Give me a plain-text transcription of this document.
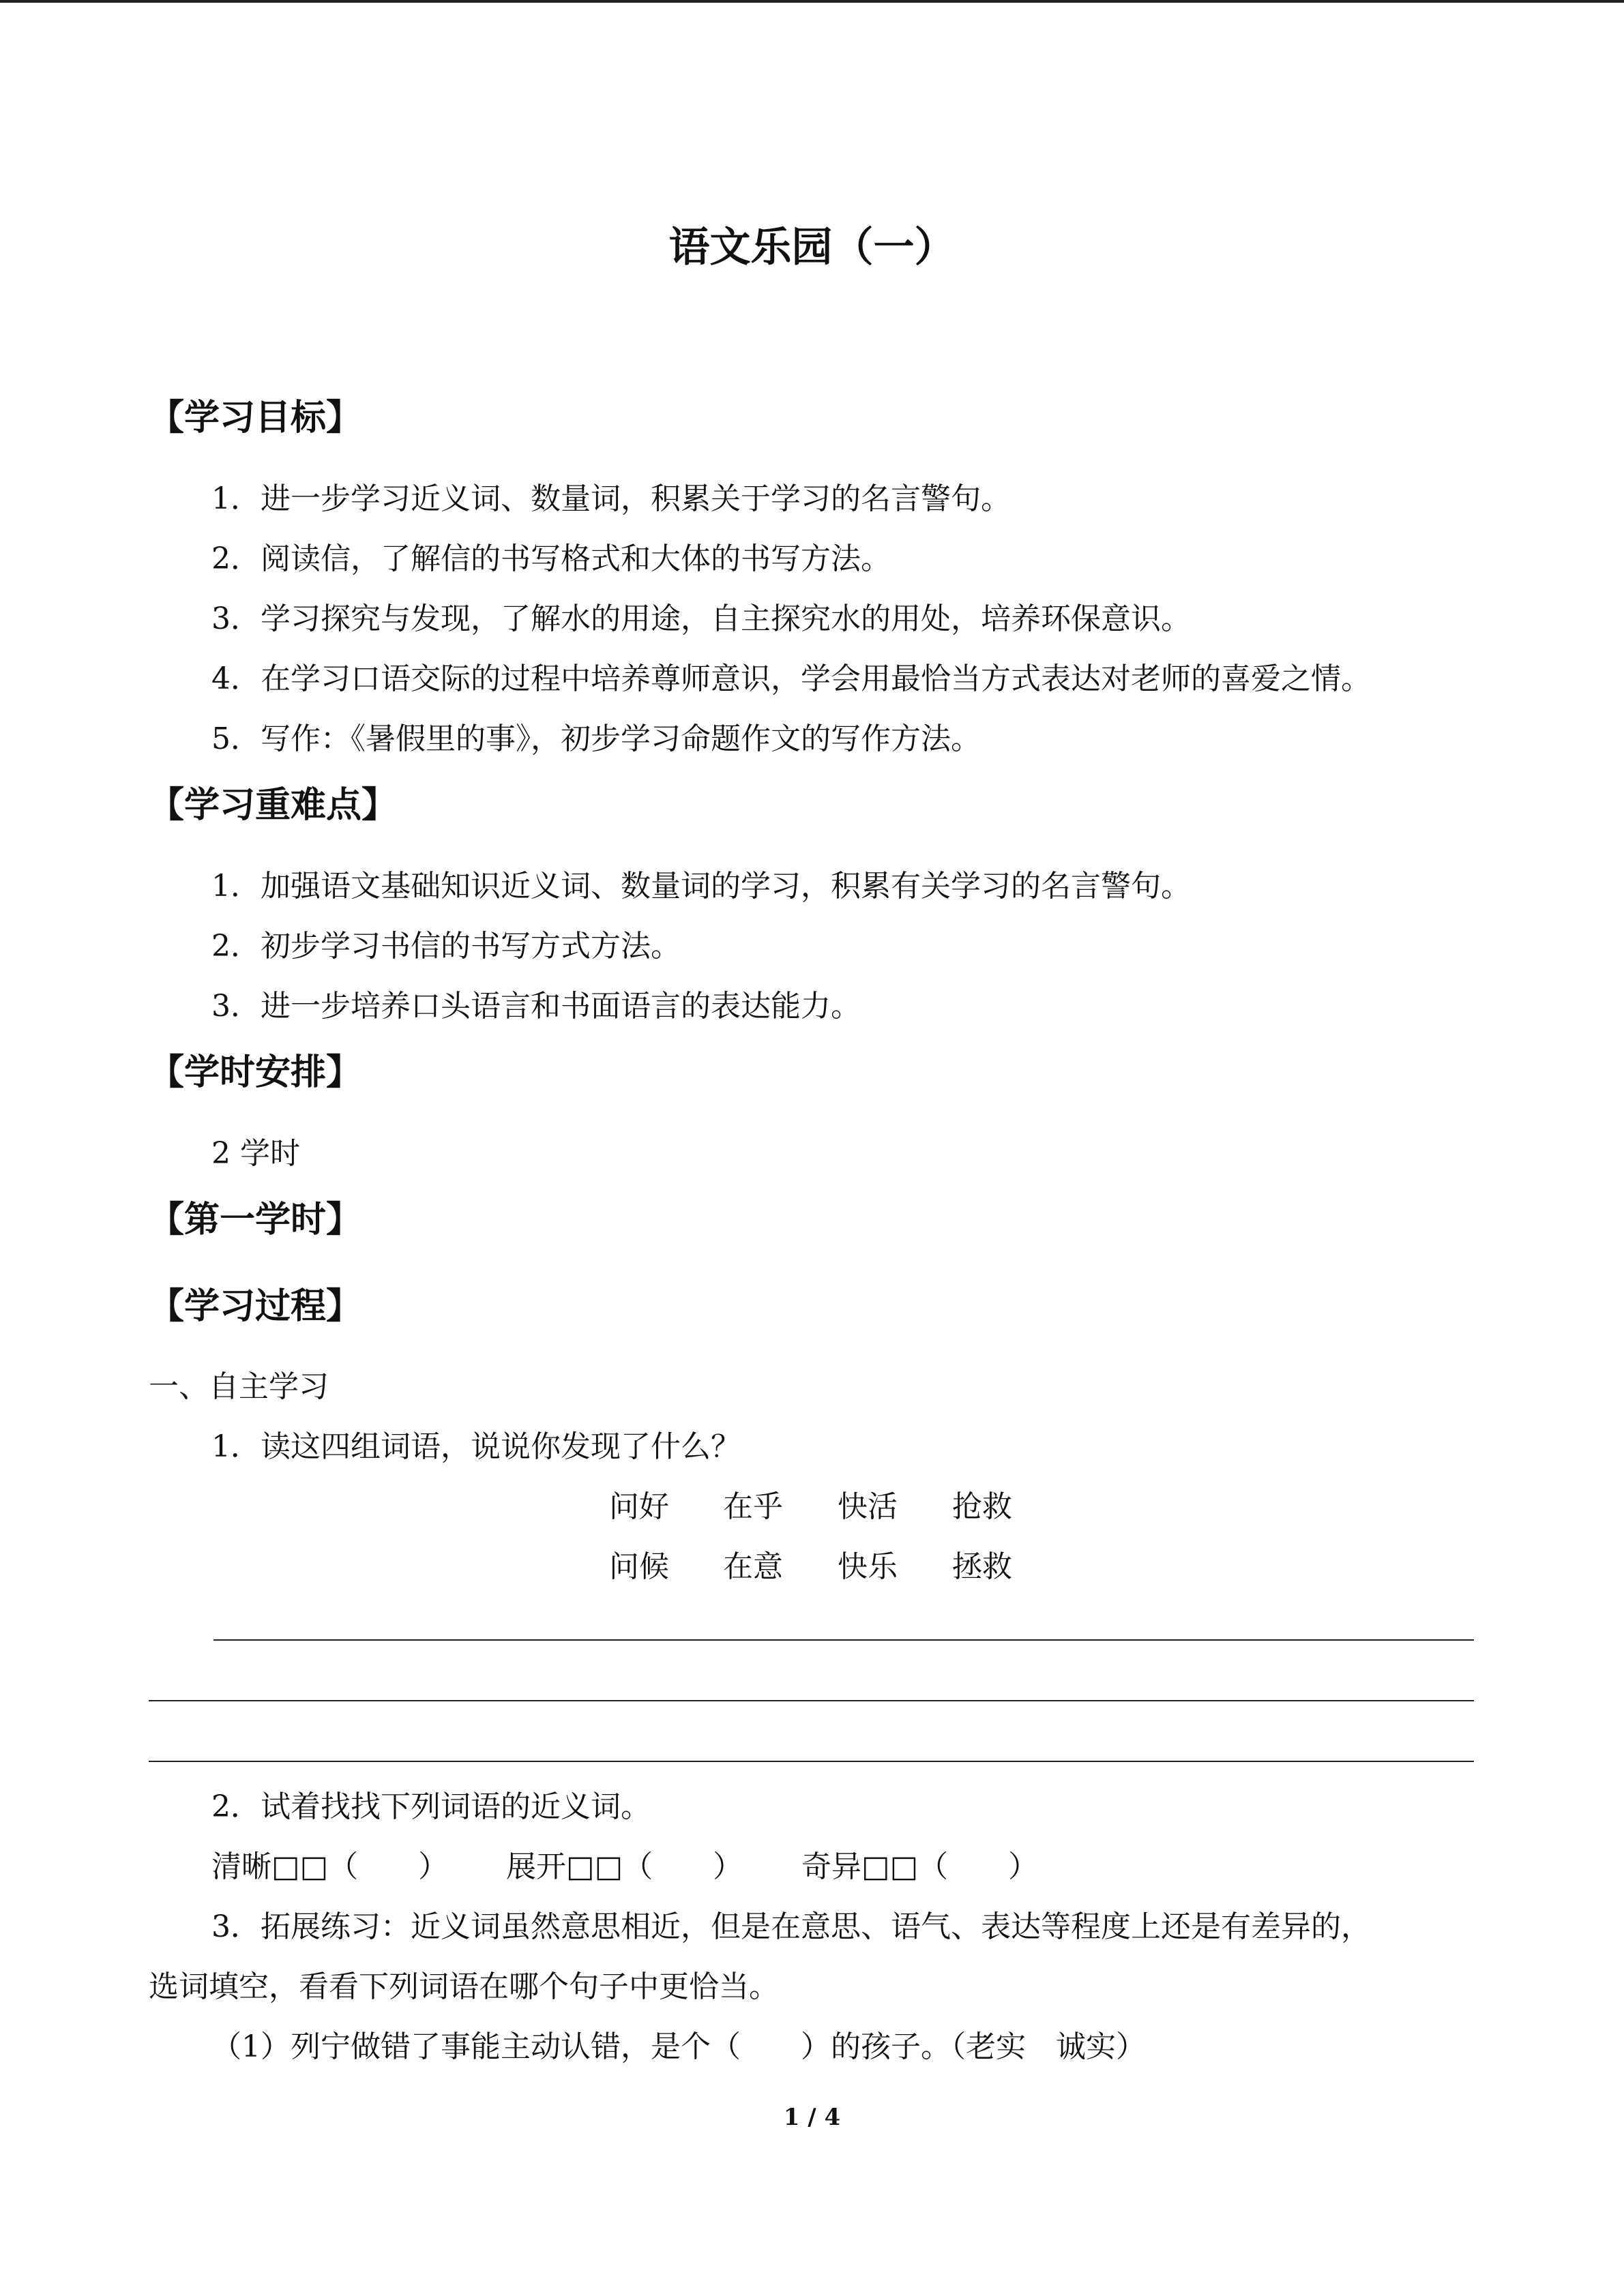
语文乐园（一）
【学习目标】
1．进一步学习近义词、数量词，积累关于学习的名言警句。
2．阅读信，了解信的书写格式和大体的书写方法。
3．学习探究与发现，了解水的用途，自主探究水的用处，培养环保意识。
4．在学习口语交际的过程中培养尊师意识，学会用最恰当方式表达对老师的喜爱之情。
5．写作：《暑假里的事》，初步学习命题作文的写作方法。
【学习重难点】
1．加强语文基础知识近义词、数量词的学习，积累有关学习的名言警句。
2．初步学习书信的书写方式方法。
3．进一步培养口头语言和书面语言的表达能力。
【学时安排】
2 学时
【第一学时】
【学习过程】
一、自主学习
1．读这四组词语，说说你发现了什么？
问好 在乎 快活 抢救
问候 在意 快乐 拯救
2．试着找找下列词语的近义词。
清晰□□（　　） 展开□□（　　） 奇异□□（　　）
3．拓展练习：近义词虽然意思相近，但是在意思、语气、表达等程度上还是有差异的，
选词填空，看看下列词语在哪个句子中更恰当。
（1）列宁做错了事能主动认错，是个（　　）的孩子。（老实　诚实）
1 / 4
